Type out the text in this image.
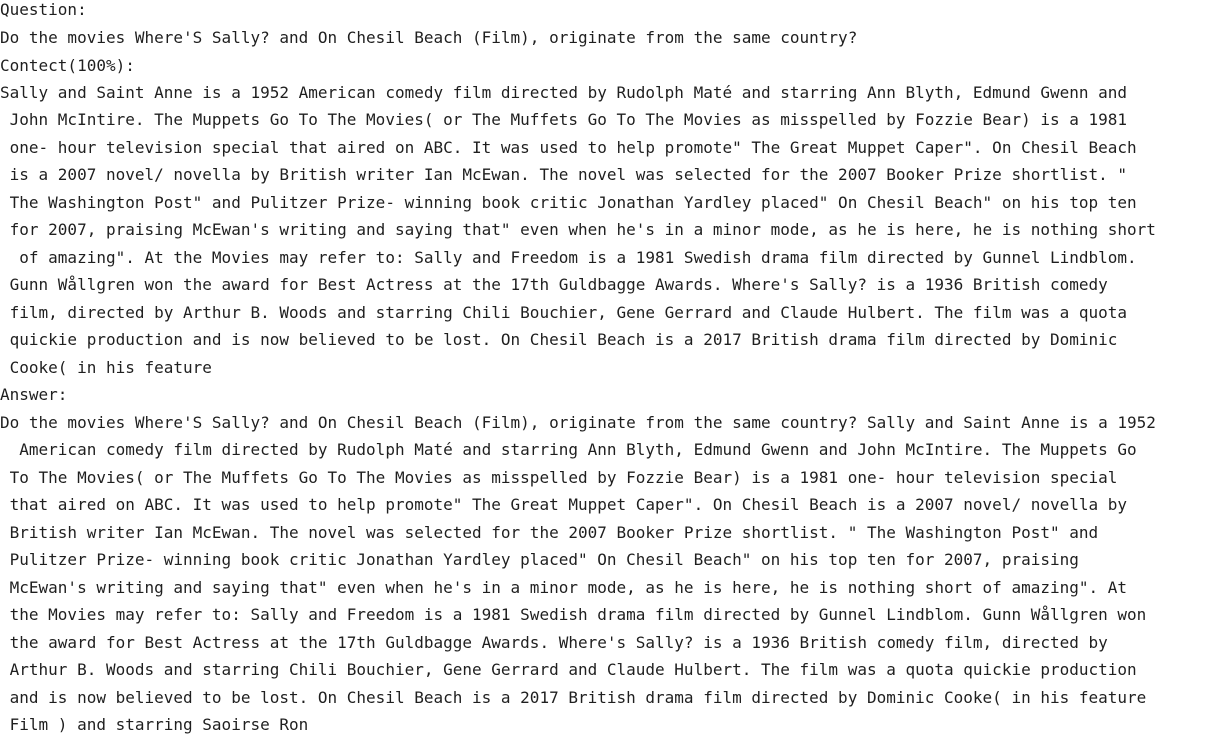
Question:
Do the movies Where'S Sally? and On Chesil Beach (Film), originate from the same country?
Contect(100%):
Sally and Saint Anne is a 1952 American comedy film directed by Rudolph Maté and starring Ann Blyth, Edmund Gwenn and
John McIntire. The Muppets Go To The Movies( or The Muffets Go To The Movies as misspelled by Fozzie Bear) is a 1981
one- hour television special that aired on ABC. It was used to help promote" The Great Muppet Caper". On Chesil Beach
is a 2007 novel/ novella by British writer Ian McEwan. The novel was selected for the 2007 Booker Prize shortlist. "
The Washington Post" and Pulitzer Prize- winning book critic Jonathan Yardley placed" On Chesil Beach" on his top ten
for 2007, praising McEwan's writing and saying that" even when he's in a minor mode, as he is here, he is nothing short
of amazing". At the Movies may refer to: Sally and Freedom is a 1981 Swedish drama film directed by Gunnel Lindblom.
Gunn Wållgren won the award for Best Actress at the 17th Guldbagge Awards. Where's Sally? is a 1936 British comedy
film, directed by Arthur B. Woods and starring Chili Bouchier, Gene Gerrard and Claude Hulbert. The film was a quota
quickie production and is now believed to be lost. On Chesil Beach is a 2017 British drama film directed by Dominic
Cooke( in his feature
Answer:
Do the movies Where'S Sally? and On Chesil Beach (Film), originate from the same country? Sally and Saint Anne is a 1952
American comedy film directed by Rudolph Maté and starring Ann Blyth, Edmund Gwenn and John McIntire. The Muppets Go
To The Movies( or The Muffets Go To The Movies as misspelled by Fozzie Bear) is a 1981 one- hour television special
that aired on ABC. It was used to help promote" The Great Muppet Caper". On Chesil Beach is a 2007 novel/ novella by
British writer Ian McEwan. The novel was selected for the 2007 Booker Prize shortlist. " The Washington Post" and
Pulitzer Prize- winning book critic Jonathan Yardley placed" On Chesil Beach" on his top ten for 2007, praising
McEwan's writing and saying that" even when he's in a minor mode, as he is here, he is nothing short of amazing". At
the Movies may refer to: Sally and Freedom is a 1981 Swedish drama film directed by Gunnel Lindblom. Gunn Wållgren won
the award for Best Actress at the 17th Guldbagge Awards. Where's Sally? is a 1936 British comedy film, directed by
Arthur B. Woods and starring Chili Bouchier, Gene Gerrard and Claude Hulbert. The film was a quota quickie production
and is now believed to be lost. On Chesil Beach is a 2017 British drama film directed by Dominic Cooke( in his feature
Film ) and starring Saoirse Ron
